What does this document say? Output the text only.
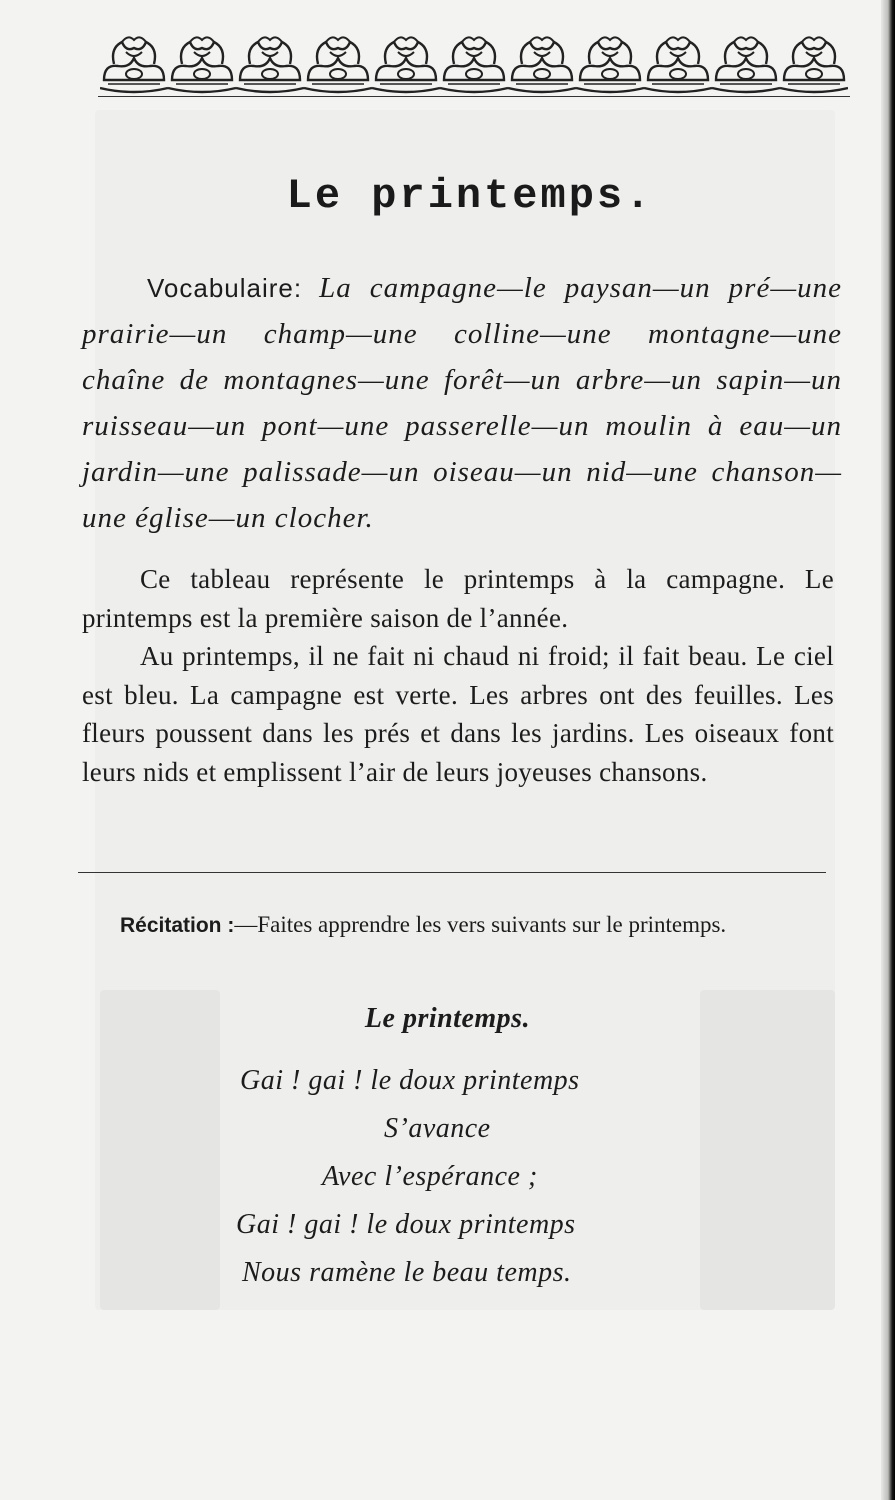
Le printemps.
Vocabulaire: La campagne—le paysan—un pré—une prairie—un champ—une colline—une montagne—une chaîne de montagnes—une forêt—un arbre—un sapin—un ruisseau—un pont—une passerelle—un moulin à eau—un jardin—une palissade—un oiseau—un nid—une chanson—une église—un clocher.

Ce tableau représente le printemps à la campagne. Le printemps est la première saison de l’année.

Au printemps, il ne fait ni chaud ni froid; il fait beau. Le ciel est bleu. La campagne est verte. Les arbres ont des feuilles. Les fleurs poussent dans les prés et dans les jardins. Les oiseaux font leurs nids et emplissent l’air de leurs joyeuses chansons.

Récitation :—Faites apprendre les vers suivants sur le printemps.
Le printemps.
Gai ! gai ! le doux printemps
S’avance
Avec l’espérance ;
Gai ! gai ! le doux printemps
Nous ramène le beau temps.
